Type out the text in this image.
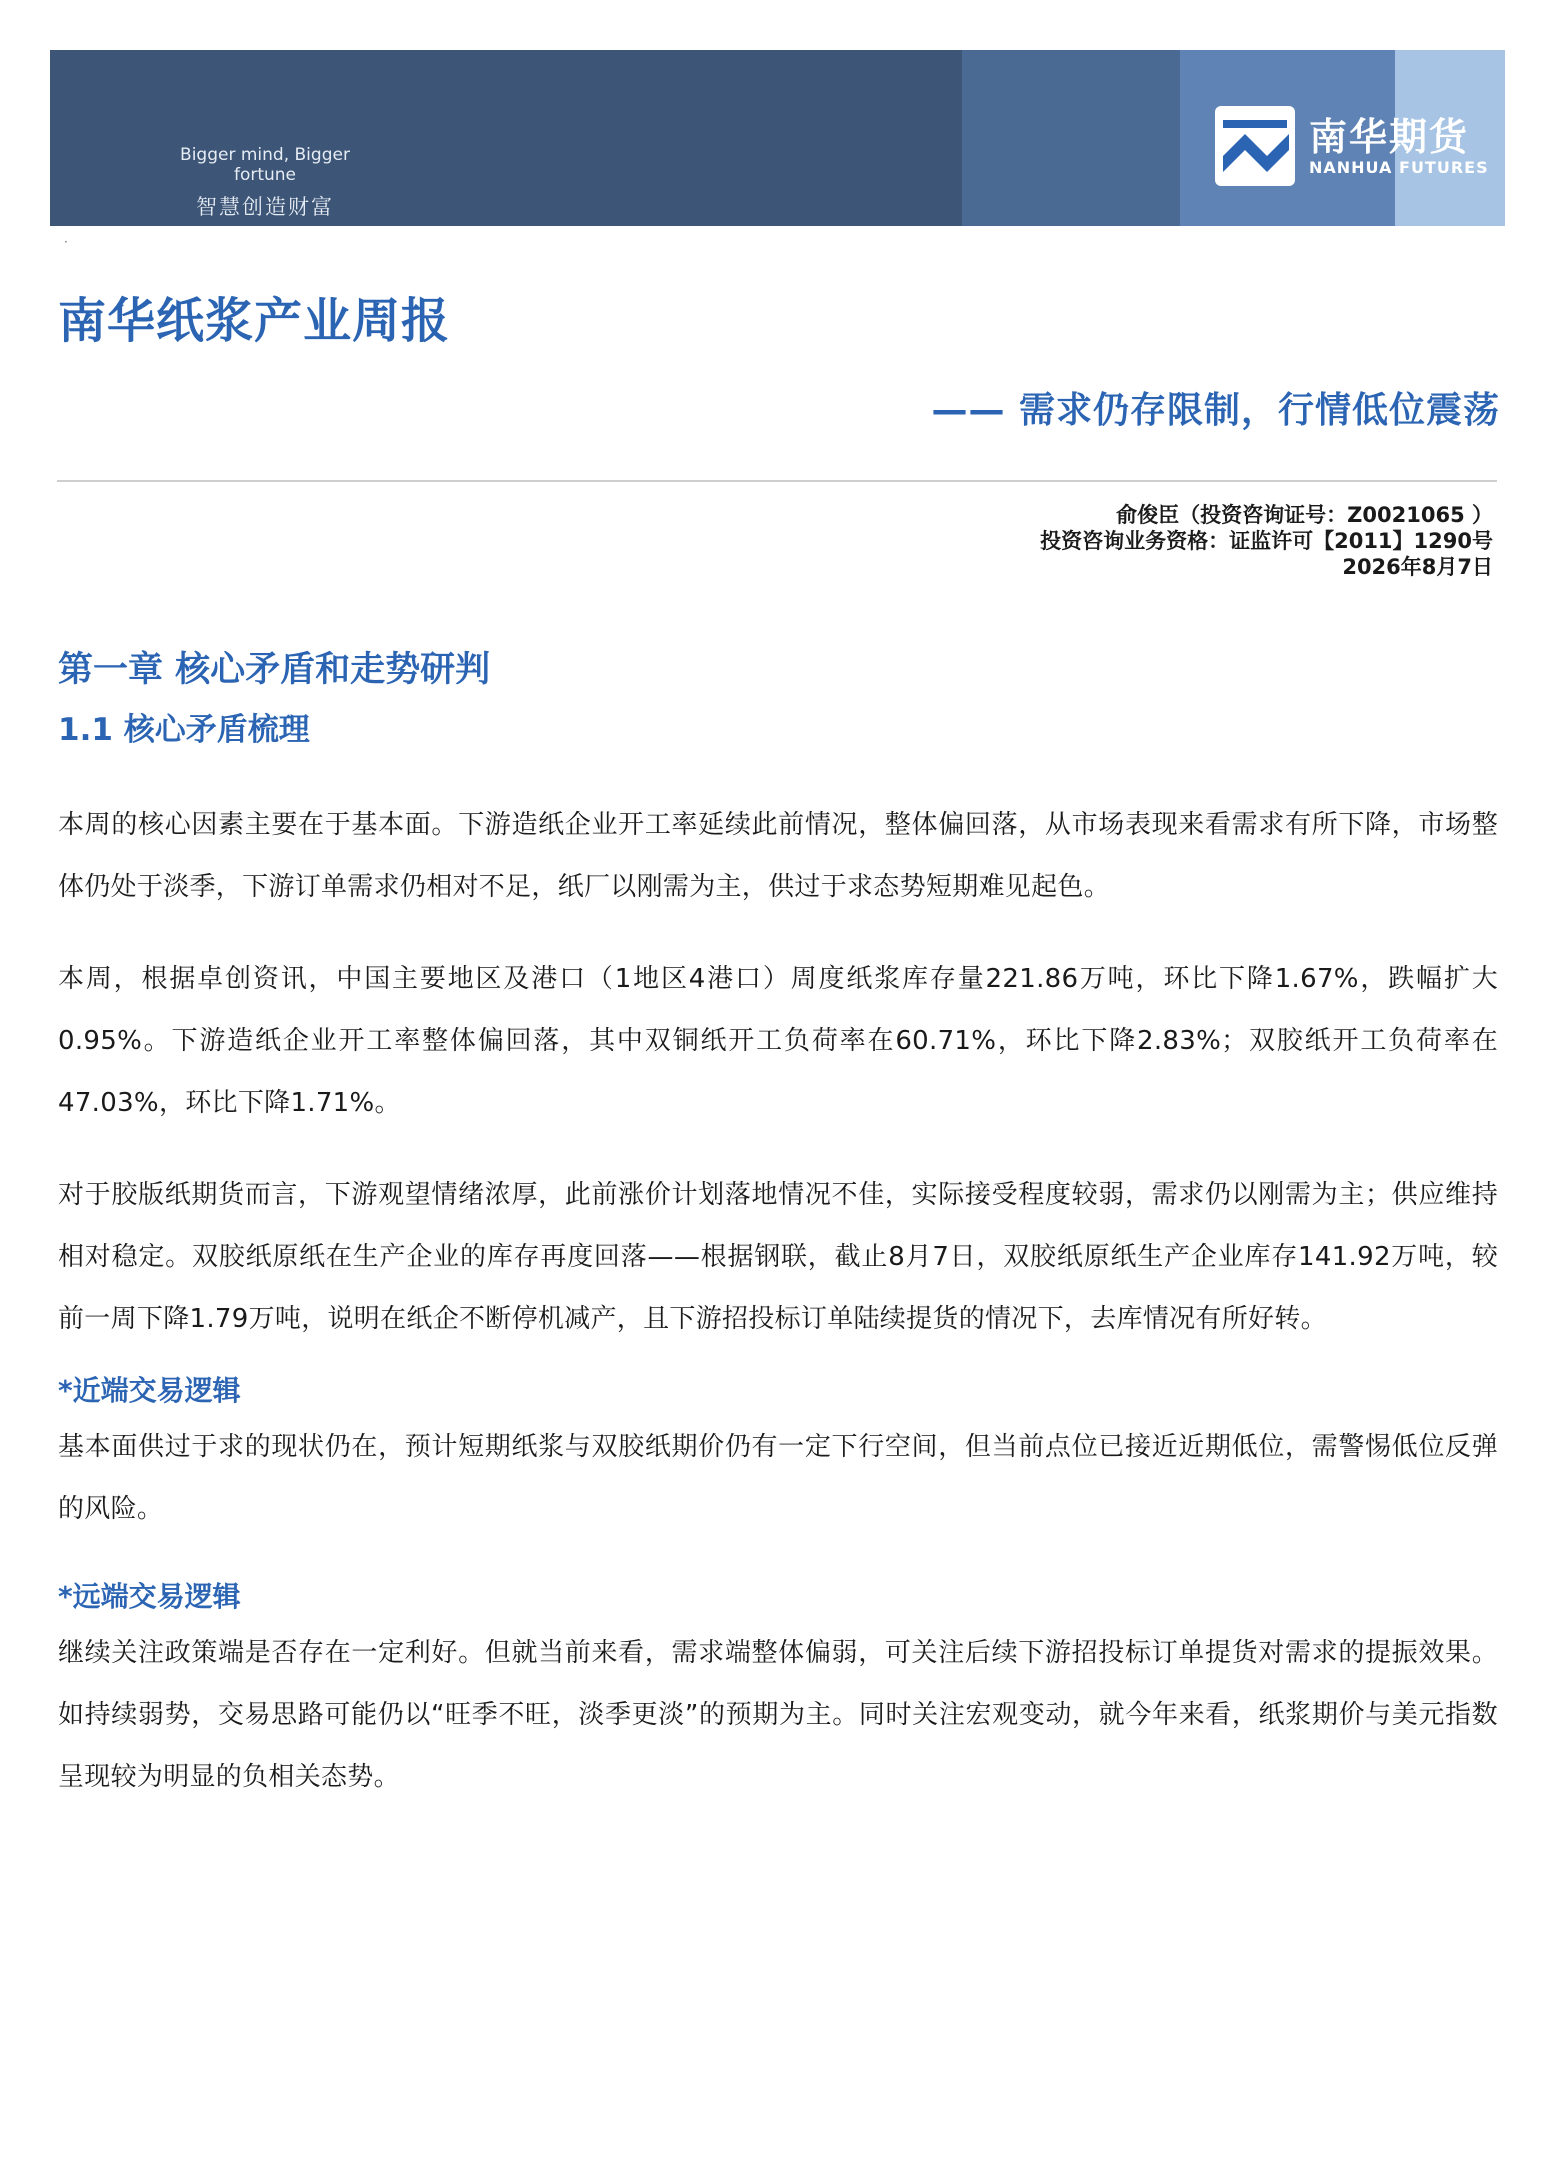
Bigger mind, Bigger fortune
智慧创造财富
南华期货
NANHUA FUTURES
·
南华纸浆产业周报
—— 需求仍存限制，行情低位震荡
俞俊臣（投资咨询证号：Z0021065 ）
投资咨询业务资格：证监许可【2011】1290号
2026年8月7日
第一章 核心矛盾和走势研判
1.1 核心矛盾梳理

本周的核心因素主要在于基本面。下游造纸企业开工率延续此前情况，整体偏回落，从市场表现来看需求有所下降，市场整体仍处于淡季，下游订单需求仍相对不足，纸厂以刚需为主，供过于求态势短期难见起色。

本周，根据卓创资讯，中国主要地区及港口（1地区4港口）周度纸浆库存量221.86万吨，环比下降1.67%，跌幅扩大0.95%。下游造纸企业开工率整体偏回落，其中双铜纸开工负荷率在60.71%，环比下降2.83%；双胶纸开工负荷率在47.03%，环比下降1.71%。

对于胶版纸期货而言，下游观望情绪浓厚，此前涨价计划落地情况不佳，实际接受程度较弱，需求仍以刚需为主；供应维持相对稳定。双胶纸原纸在生产企业的库存再度回落——根据钢联，截止8月7日，双胶纸原纸生产企业库存141.92万吨，较前一周下降1.79万吨，说明在纸企不断停机减产，且下游招投标订单陆续提货的情况下，去库情况有所好转。

*近端交易逻辑

基本面供过于求的现状仍在，预计短期纸浆与双胶纸期价仍有一定下行空间，但当前点位已接近近期低位，需警惕低位反弹的风险。

*远端交易逻辑

继续关注政策端是否存在一定利好。但就当前来看，需求端整体偏弱，可关注后续下游招投标订单提货对需求的提振效果。如持续弱势，交易思路可能仍以“旺季不旺，淡季更淡”的预期为主。同时关注宏观变动，就今年来看，纸浆期价与美元指数呈现较为明显的负相关态势。
